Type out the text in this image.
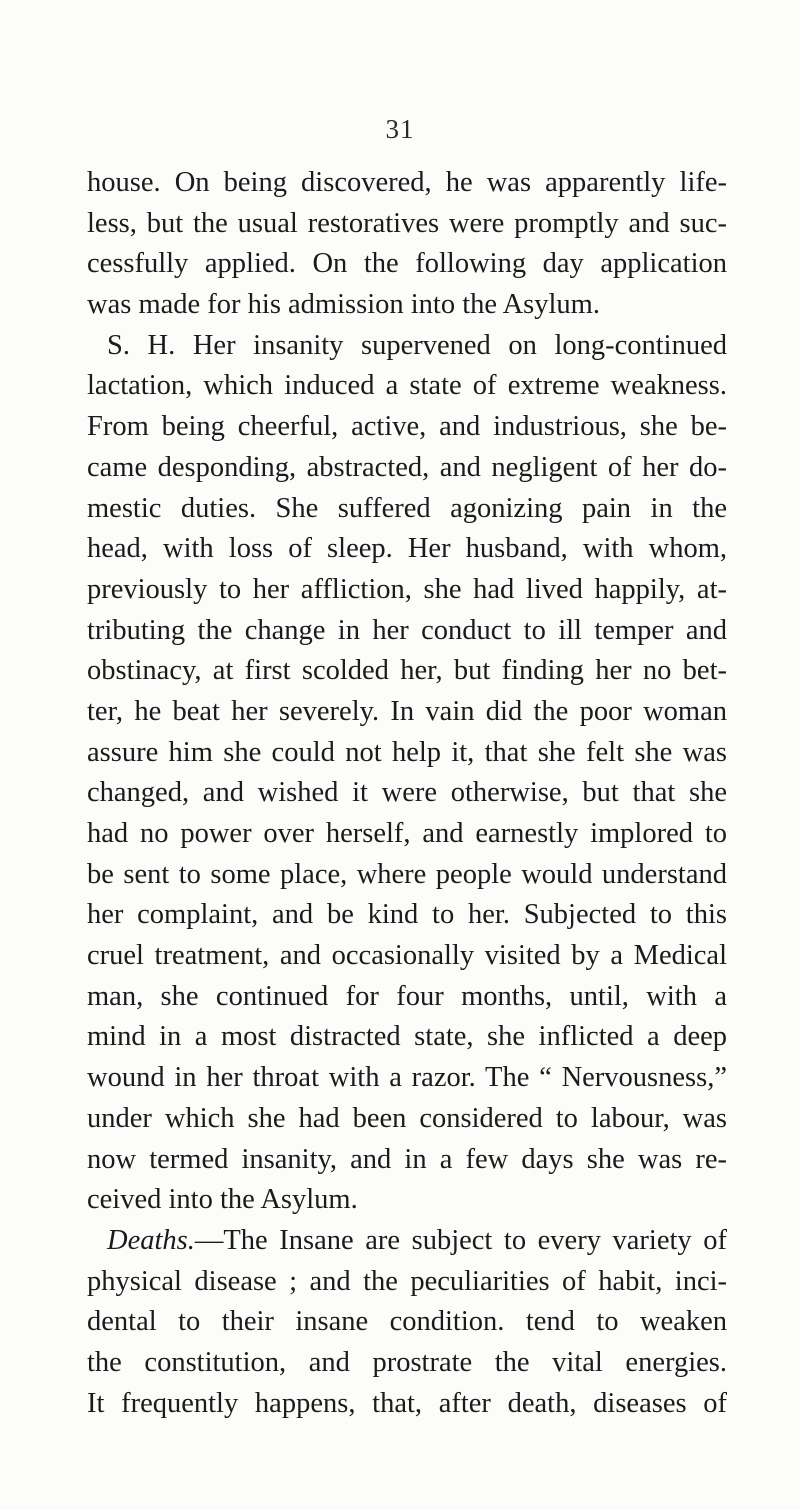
31
house. On being discovered, he was apparently life-
less, but the usual restoratives were promptly and suc-
cessfully applied. On the following day application
was made for his admission into the Asylum.
S. H. Her insanity supervened on long-continued
lactation, which induced a state of extreme weakness.
From being cheerful, active, and industrious, she be-
came desponding, abstracted, and negligent of her do-
mestic duties. She suffered agonizing pain in the
head, with loss of sleep. Her husband, with whom,
previously to her affliction, she had lived happily, at-
tributing the change in her conduct to ill temper and
obstinacy, at first scolded her, but finding her no bet-
ter, he beat her severely. In vain did the poor woman
assure him she could not help it, that she felt she was
changed, and wished it were otherwise, but that she
had no power over herself, and earnestly implored to
be sent to some place, where people would understand
her complaint, and be kind to her. Subjected to this
cruel treatment, and occasionally visited by a Medical
man, she continued for four months, until, with a
mind in a most distracted state, she inflicted a deep
wound in her throat with a razor. The “ Nervousness,”
under which she had been considered to labour, was
now termed insanity, and in a few days she was re-
ceived into the Asylum.
Deaths.—The Insane are subject to every variety of
physical disease ; and the peculiarities of habit, inci-
dental to their insane condition. tend to weaken
the constitution, and prostrate the vital energies.
It frequently happens, that, after death, diseases of
